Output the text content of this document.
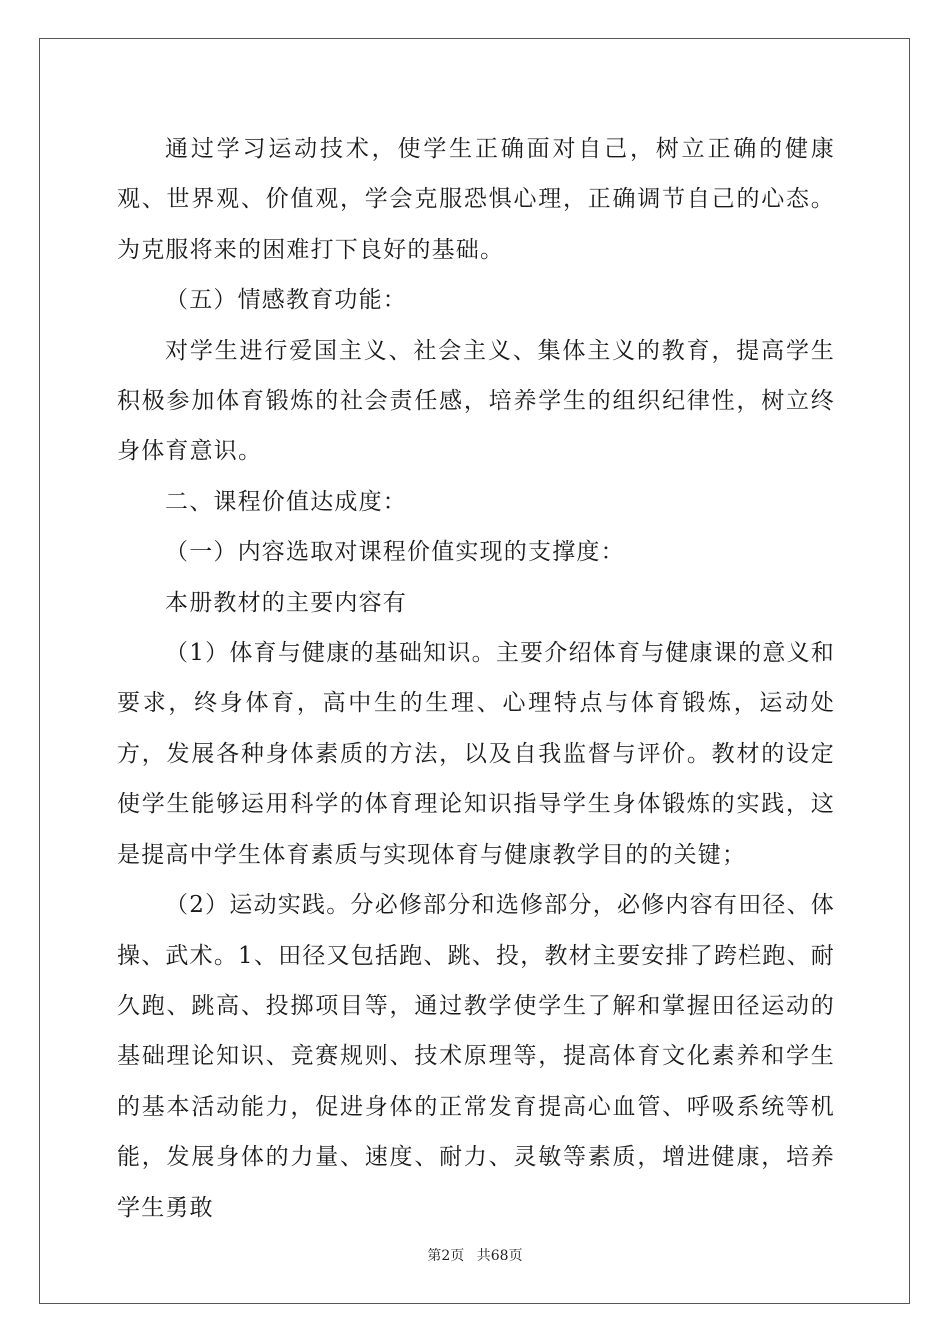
通过学习运动技术，使学生正确面对自己，树立正确的健康观、世界观、价值观，学会克服恐惧心理，正确调节自己的心态。为克服将来的困难打下良好的基础。

（五）情感教育功能：

对学生进行爱国主义、社会主义、集体主义的教育，提高学生积极参加体育锻炼的社会责任感，培养学生的组织纪律性，树立终身体育意识。

二、课程价值达成度：

（一）内容选取对课程价值实现的支撑度：

本册教材的主要内容有

（1）体育与健康的基础知识。主要介绍体育与健康课的意义和要求，终身体育，高中生的生理、心理特点与体育锻炼，运动处方，发展各种身体素质的方法，以及自我监督与评价。教材的设定使学生能够运用科学的体育理论知识指导学生身体锻炼的实践，这是提高中学生体育素质与实现体育与健康教学目的的关键；

（2）运动实践。分必修部分和选修部分，必修内容有田径、体操、武术。1、田径又包括跑、跳、投，教材主要安排了跨栏跑、耐久跑、跳高、投掷项目等，通过教学使学生了解和掌握田径运动的基础理论知识、竞赛规则、技术原理等，提高体育文化素养和学生的基本活动能力，促进身体的正常发育提高心血管、呼吸系统等机能，发展身体的力量、速度、耐力、灵敏等素质，增进健康，培养学生勇敢

第2页 共68页
